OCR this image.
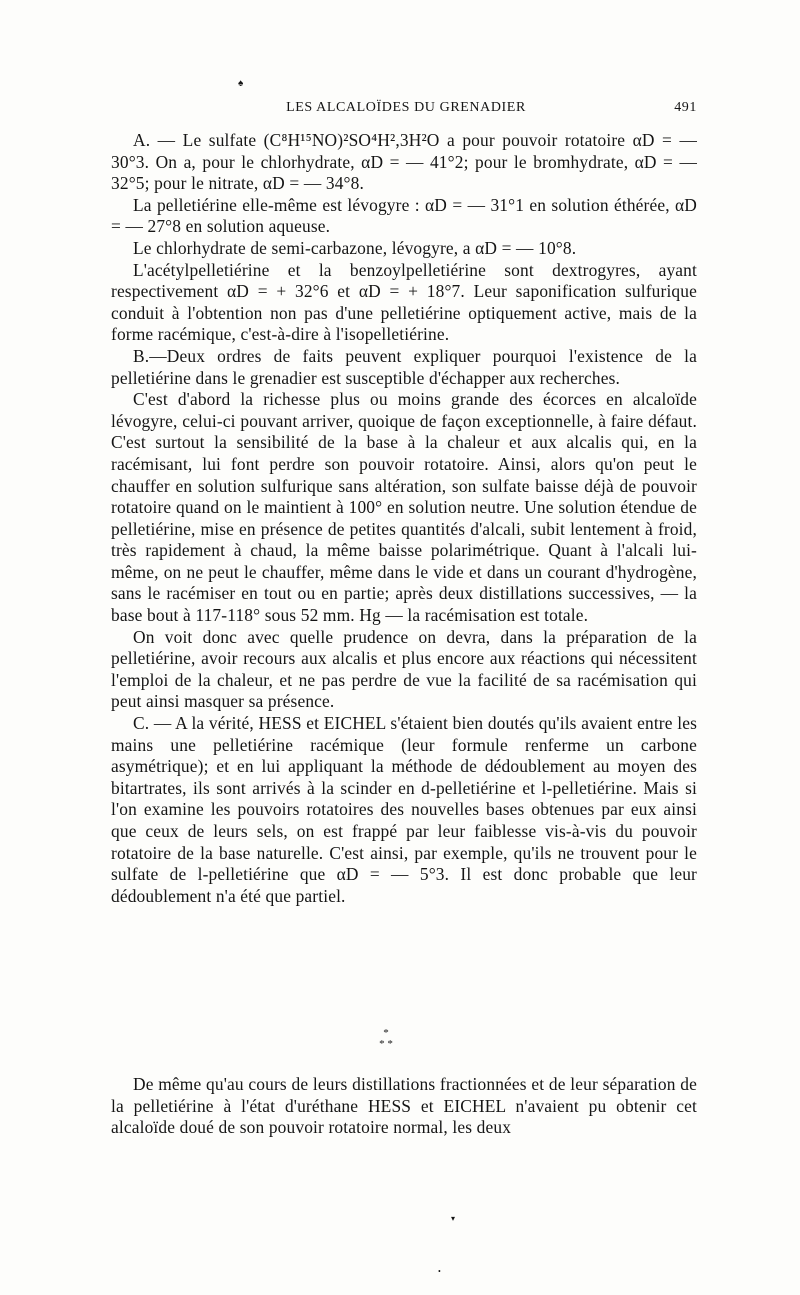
♠
LES ALCALOÏDES DU GRENADIER	491

A. — Le sulfate (C⁸H¹⁵NO)²SO⁴H²,3H²O a pour pouvoir rotatoire αD = — 30°3. On a, pour le chlorhydrate, αD = — 41°2; pour le bromhydrate, αD = — 32°5; pour le nitrate, αD = — 34°8.

La pelletiérine elle-même est lévogyre : αD = — 31°1 en solution éthérée, αD = — 27°8 en solution aqueuse.

Le chlorhydrate de semi-carbazone, lévogyre, a αD = — 10°8.

L'acétylpelletiérine et la benzoylpelletiérine sont dextrogyres, ayant respectivement αD = + 32°6 et αD = + 18°7. Leur saponification sulfurique conduit à l'obtention non pas d'une pelletiérine optiquement active, mais de la forme racémique, c'est-à-dire à l'isopelletiérine.

B.—Deux ordres de faits peuvent expliquer pourquoi l'existence de la pelletiérine dans le grenadier est susceptible d'échapper aux recherches.

C'est d'abord la richesse plus ou moins grande des écorces en alcaloïde lévogyre, celui-ci pouvant arriver, quoique de façon exceptionnelle, à faire défaut. C'est surtout la sensibilité de la base à la chaleur et aux alcalis qui, en la racémisant, lui font perdre son pouvoir rotatoire. Ainsi, alors qu'on peut le chauffer en solution sulfurique sans altération, son sulfate baisse déjà de pouvoir rotatoire quand on le maintient à 100° en solution neutre. Une solution étendue de pelletiérine, mise en présence de petites quantités d'alcali, subit lentement à froid, très rapidement à chaud, la même baisse polarimétrique. Quant à l'alcali lui-même, on ne peut le chauffer, même dans le vide et dans un courant d'hydrogène, sans le racémiser en tout ou en partie; après deux distillations successives, — la base bout à 117-118° sous 52 mm. Hg — la racémisation est totale.

On voit donc avec quelle prudence on devra, dans la préparation de la pelletiérine, avoir recours aux alcalis et plus encore aux réactions qui nécessitent l'emploi de la chaleur, et ne pas perdre de vue la facilité de sa racémisation qui peut ainsi masquer sa présence.

C. — A la vérité, HESS et EICHEL s'étaient bien doutés qu'ils avaient entre les mains une pelletiérine racémique (leur formule renferme un carbone asymétrique); et en lui appliquant la méthode de dédoublement au moyen des bitartrates, ils sont arrivés à la scinder en d-pelletiérine et l-pelletiérine. Mais si l'on examine les pouvoirs rotatoires des nouvelles bases obtenues par eux ainsi que ceux de leurs sels, on est frappé par leur faiblesse vis-à-vis du pouvoir rotatoire de la base naturelle. C'est ainsi, par exemple, qu'ils ne trouvent pour le sulfate de l-pelletiérine que αD = — 5°3. Il est donc probable que leur dédoublement n'a été que partiel.

*
* *

De même qu'au cours de leurs distillations fractionnées et de leur séparation de la pelletiérine à l'état d'uréthane HESS et EICHEL n'avaient pu obtenir cet alcaloïde doué de son pouvoir rotatoire normal, les deux

▾
•
